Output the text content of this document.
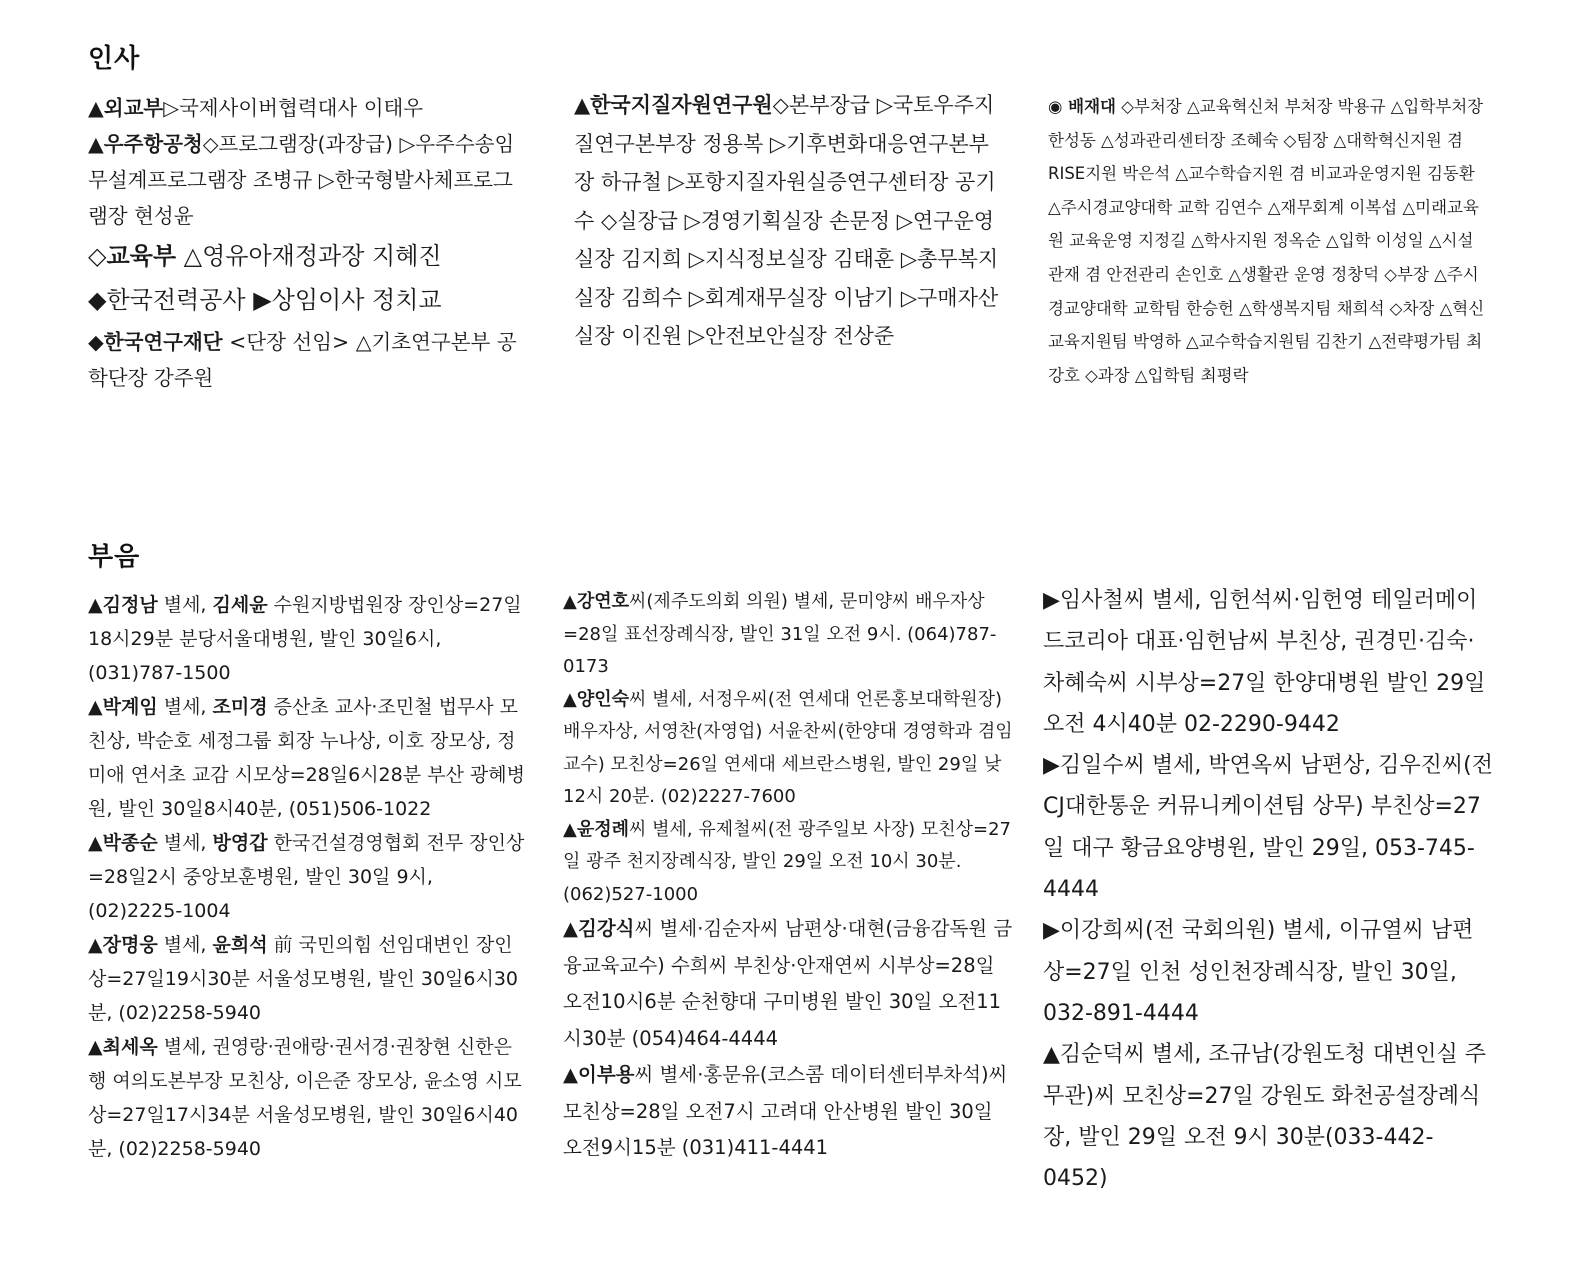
인사

▲외교부▷국제사이버협력대사 이태우

▲우주항공청◇프로그램장(과장급) ▷우주수송임무설계프로그램장 조병규 ▷한국형발사체프로그램장 현성윤

◇교육부 △영유아재정과장 지혜진

◆한국전력공사 ▶상임이사 정치교

◆한국연구재단 <단장 선임> △기초연구본부 공학단장 강주원

▲한국지질자원연구원◇본부장급 ▷국토우주지질연구본부장 정용복 ▷기후변화대응연구본부장 하규철 ▷포항지질자원실증연구센터장 공기수 ◇실장급 ▷경영기획실장 손문정 ▷연구운영실장 김지희 ▷지식정보실장 김태훈 ▷총무복지실장 김희수 ▷회계재무실장 이남기 ▷구매자산실장 이진원 ▷안전보안실장 전상준

◉ 배재대 ◇부처장 △교육혁신처 부처장 박용규 △입학부처장 한성동 △성과관리센터장 조혜숙 ◇팀장 △대학혁신지원 겸 RISE지원 박은석 △교수학습지원 겸 비교과운영지원 김동환 △주시경교양대학 교학 김연수 △재무회계 이복섭 △미래교육원 교육운영 지정길 △학사지원 정옥순 △입학 이성일 △시설관재 겸 안전관리 손인호 △생활관 운영 정창덕 ◇부장 △주시경교양대학 교학팀 한승헌 △학생복지팀 채희석 ◇차장 △혁신교육지원팀 박영하 △교수학습지원팀 김찬기 △전략평가팀 최강호 ◇과장 △입학팀 최평락

부음

▲김정남 별세, 김세윤 수원지방법원장 장인상=27일18시29분 분당서울대병원, 발인 30일6시, (031)787-1500

▲박계임 별세, 조미경 증산초 교사·조민철 법무사 모친상, 박순호 세정그룹 회장 누나상, 이호 장모상, 정미애 연서초 교감 시모상=28일6시28분 부산 광혜병원, 발인 30일8시40분, (051)506-1022

▲박종순 별세, 방영갑 한국건설경영협회 전무 장인상=28일2시 중앙보훈병원, 발인 30일 9시, (02)2225-1004

▲장명웅 별세, 윤희석 前 국민의힘 선임대변인 장인상=27일19시30분 서울성모병원, 발인 30일6시30분, (02)2258-5940

▲최세옥 별세, 권영랑·권애랑·권서경·권창현 신한은행 여의도본부장 모친상, 이은준 장모상, 윤소영 시모상=27일17시34분 서울성모병원, 발인 30일6시40분, (02)2258-5940

▲강연호씨(제주도의회 의원) 별세, 문미양씨 배우자상=28일 표선장례식장, 발인 31일 오전 9시. (064)787-0173

▲양인숙씨 별세, 서정우씨(전 연세대 언론홍보대학원장) 배우자상, 서영찬(자영업) 서윤찬씨(한양대 경영학과 겸임교수) 모친상=26일 연세대 세브란스병원, 발인 29일 낮 12시 20분. (02)2227-7600

▲윤정례씨 별세, 유제철씨(전 광주일보 사장) 모친상=27일 광주 천지장례식장, 발인 29일 오전 10시 30분. (062)527-1000

▲김강식씨 별세·김순자씨 남편상·대현(금융감독원 금융교육교수) 수희씨 부친상·안재연씨 시부상=28일 오전10시6분 순천향대 구미병원 발인 30일 오전11시30분 (054)464-4444

▲이부용씨 별세·홍문유(코스콤 데이터센터부차석)씨 모친상=28일 오전7시 고려대 안산병원 발인 30일 오전9시15분 (031)411-4441

▶임사철씨 별세, 임헌석씨·임헌영 테일러메이드코리아 대표·임헌남씨 부친상, 권경민·김숙·차혜숙씨 시부상=27일 한양대병원 발인 29일 오전 4시40분 02-2290-9442

▶김일수씨 별세, 박연옥씨 남편상, 김우진씨(전 CJ대한통운 커뮤니케이션팀 상무) 부친상=27일 대구 황금요양병원, 발인 29일, 053-745-4444

▶이강희씨(전 국회의원) 별세, 이규열씨 남편상=27일 인천 성인천장례식장, 발인 30일, 032-891-4444

▲김순덕씨 별세, 조규남(강원도청 대변인실 주무관)씨 모친상=27일 강원도 화천공설장례식장, 발인 29일 오전 9시 30분(033-442-0452)
